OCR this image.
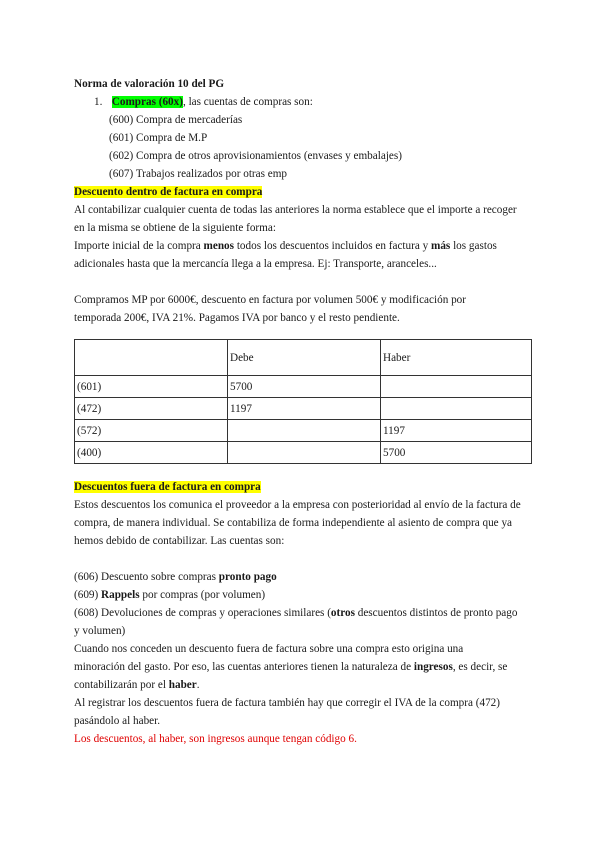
Norma de valoración 10 del PG
1. Compras (60x), las cuentas de compras son:
(600) Compra de mercaderías
(601) Compra de M.P
(602) Compra de otros aprovisionamientos (envases y embalajes)
(607) Trabajos realizados por otras emp
Descuento dentro de factura en compra
Al contabilizar cualquier cuenta de todas las anteriores la norma establece que el importe a recoger
en la misma se obtiene de la siguiente forma:
Importe inicial de la compra menos todos los descuentos incluidos en factura y más los gastos
adicionales hasta que la mercancía llega a la empresa. Ej: Transporte, aranceles...
Compramos MP por 6000€, descuento en factura por volumen 500€ y modificación por
temporada 200€, IVA 21%. Pagamos IVA por banco y el resto pendiente.
	Debe	Haber
(601)	5700	
(472)	1197	
(572)		1197
(400)		5700
Descuentos fuera de factura en compra
Estos descuentos los comunica el proveedor a la empresa con posterioridad al envío de la factura de
compra, de manera individual. Se contabiliza de forma independiente al asiento de compra que ya
hemos debido de contabilizar. Las cuentas son:
(606) Descuento sobre compras pronto pago
(609) Rappels por compras (por volumen)
(608) Devoluciones de compras y operaciones similares (otros descuentos distintos de pronto pago
y volumen)
Cuando nos conceden un descuento fuera de factura sobre una compra esto origina una
minoración del gasto. Por eso, las cuentas anteriores tienen la naturaleza de ingresos, es decir, se
contabilizarán por el haber.
Al registrar los descuentos fuera de factura también hay que corregir el IVA de la compra (472)
pasándolo al haber.
Los descuentos, al haber, son ingresos aunque tengan código 6.
